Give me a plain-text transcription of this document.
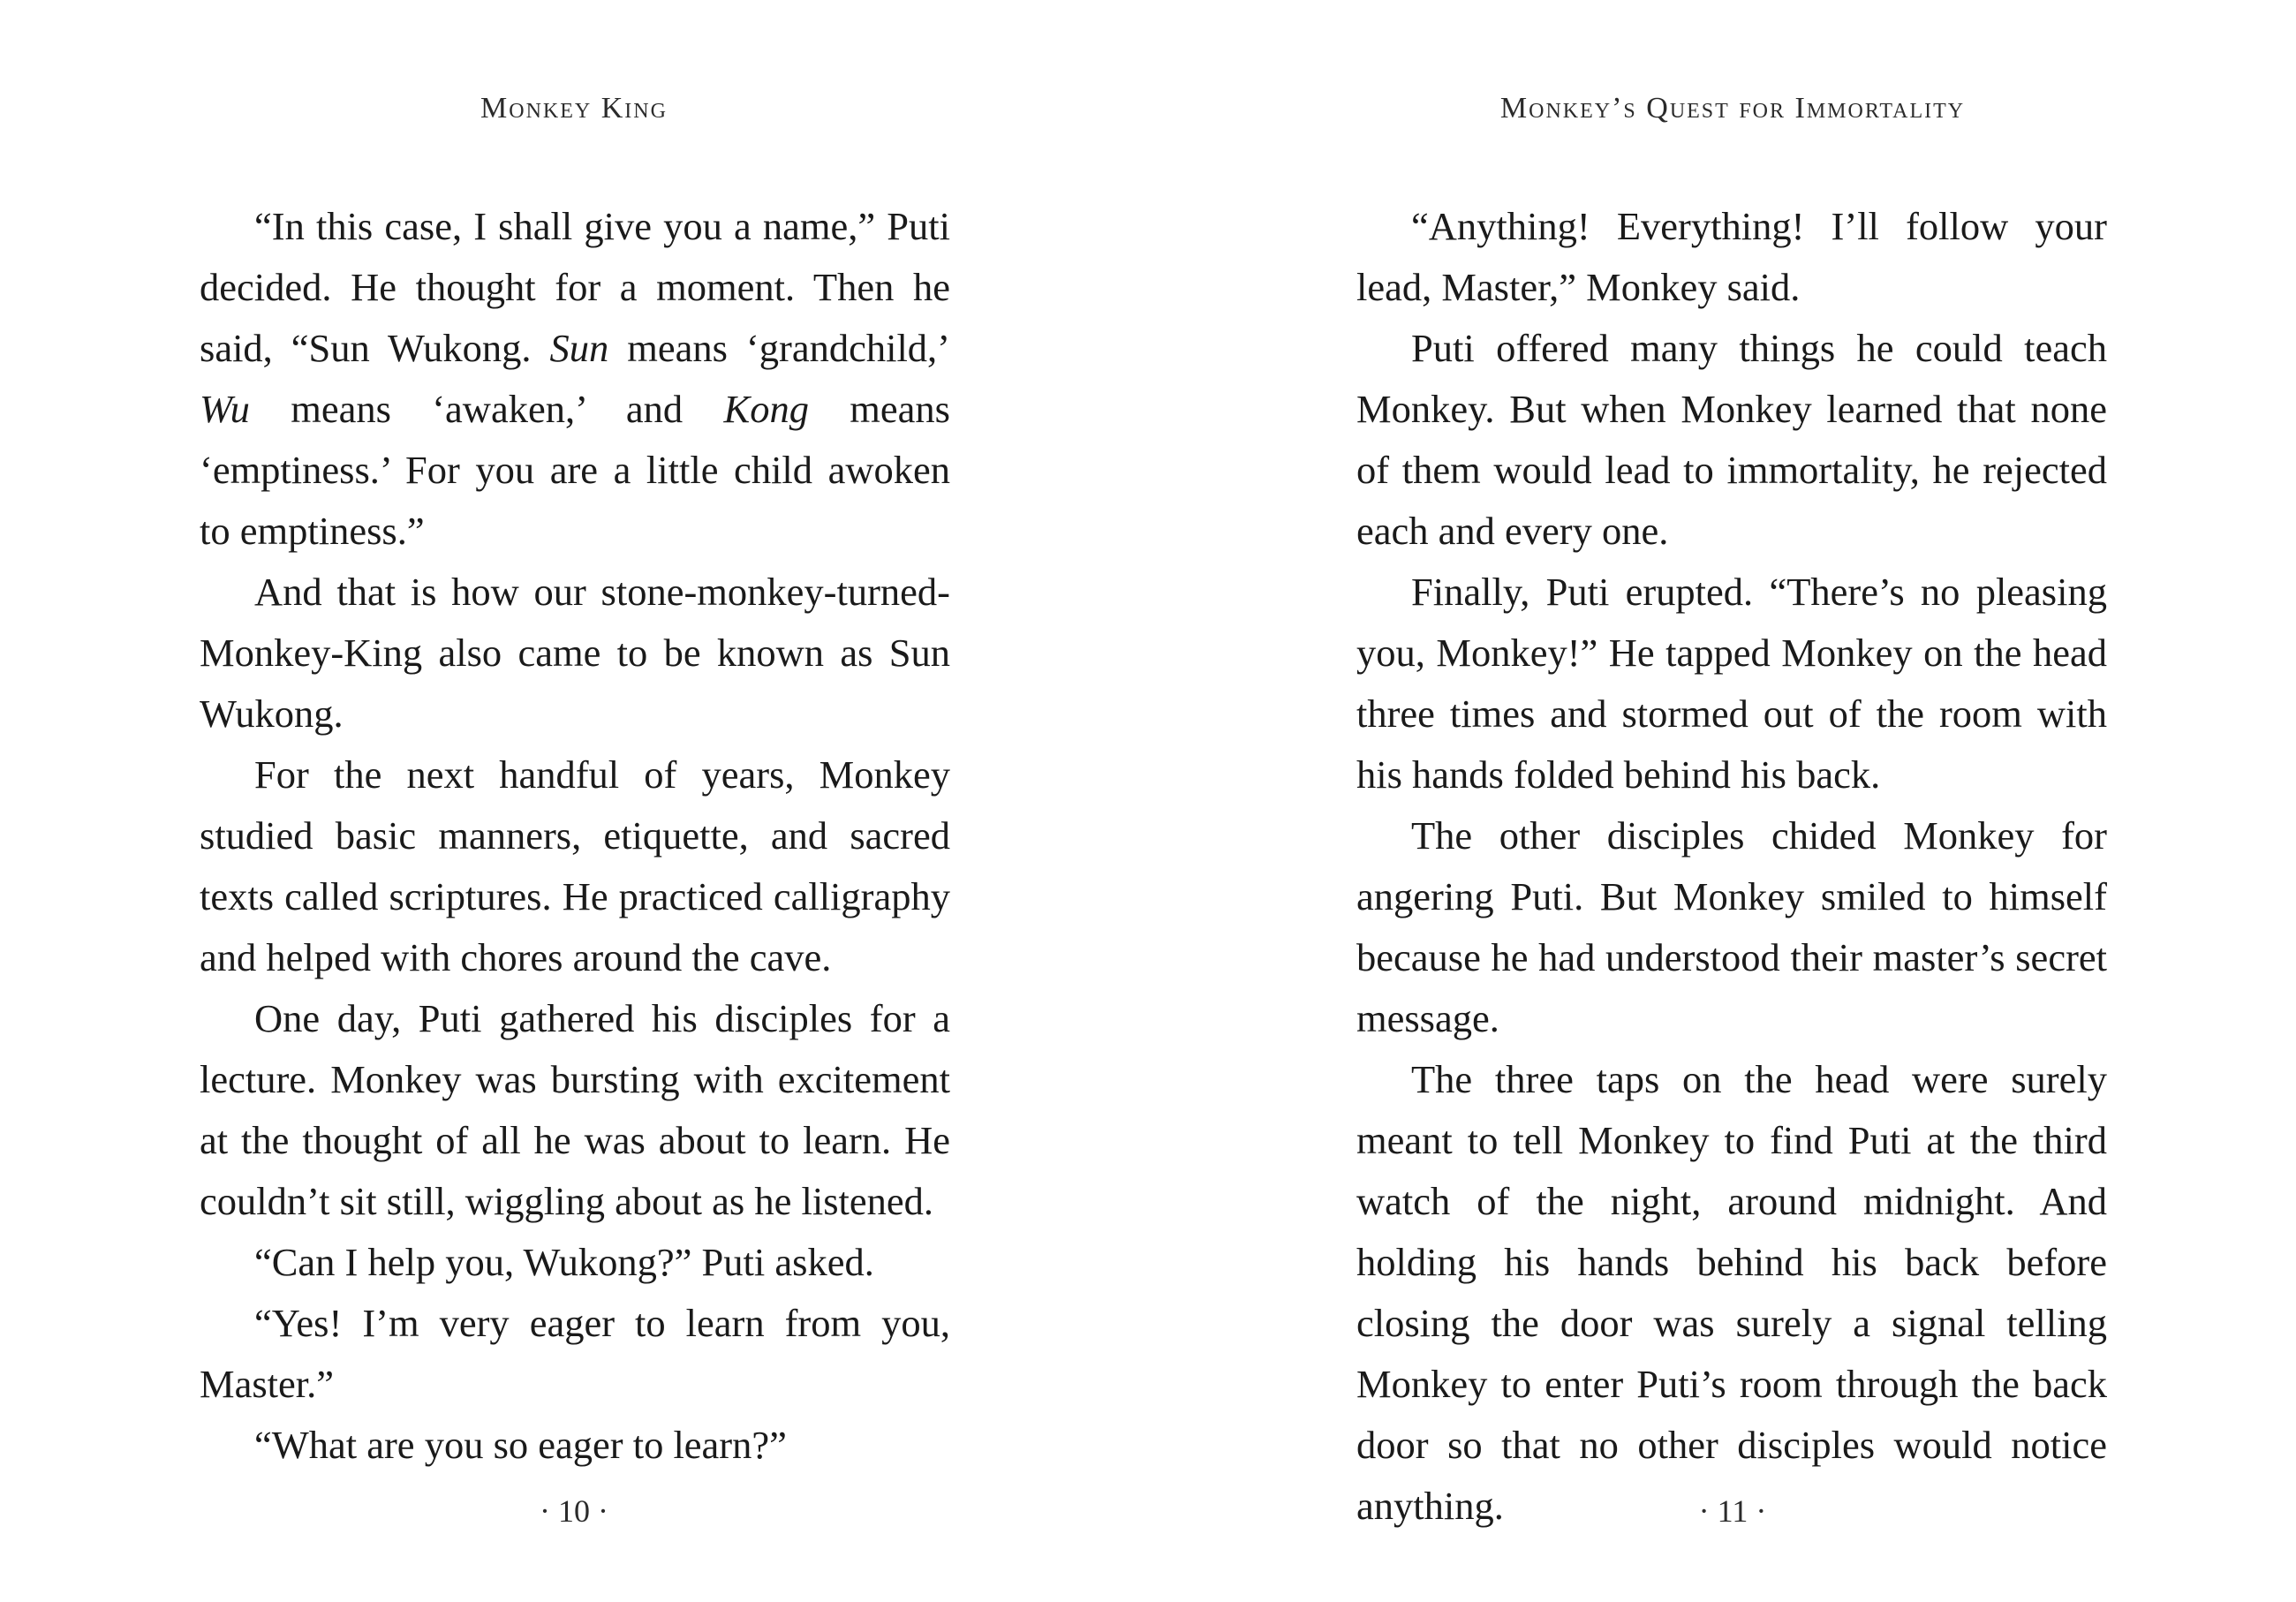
Monkey King

“In this case, I shall give you a name,” Puti decided. He thought for a moment. Then he said, “Sun Wukong. Sun means ‘grandchild,’ Wu means ‘awaken,’ and Kong means ‘emptiness.’ For you are a little child awoken to emptiness.”

And that is how our stone-monkey-turned-Monkey-King also came to be known as Sun Wukong.

For the next handful of years, Monkey studied basic manners, etiquette, and sacred texts called scriptures. He practiced calligraphy and helped with chores around the cave.

One day, Puti gathered his disciples for a lecture. Monkey was bursting with excitement at the thought of all he was about to learn. He couldn’t sit still, wiggling about as he listened.

“Can I help you, Wukong?” Puti asked.

“Yes! I’m very eager to learn from you, Master.”

“What are you so eager to learn?”

· 10 ·
Monkey’s Quest for Immortality

“Anything! Everything! I’ll follow your lead, Master,” Monkey said.

Puti offered many things he could teach Monkey. But when Monkey learned that none of them would lead to immortality, he rejected each and every one.

Finally, Puti erupted. “There’s no pleasing you, Monkey!” He tapped Monkey on the head three times and stormed out of the room with his hands folded behind his back.

The other disciples chided Monkey for angering Puti. But Monkey smiled to himself because he had understood their master’s secret message.

The three taps on the head were surely meant to tell Monkey to find Puti at the third watch of the night, around midnight. And holding his hands behind his back before closing the door was surely a signal telling Monkey to enter Puti’s room through the back door so that no other disciples would notice anything.	· 11 ·
